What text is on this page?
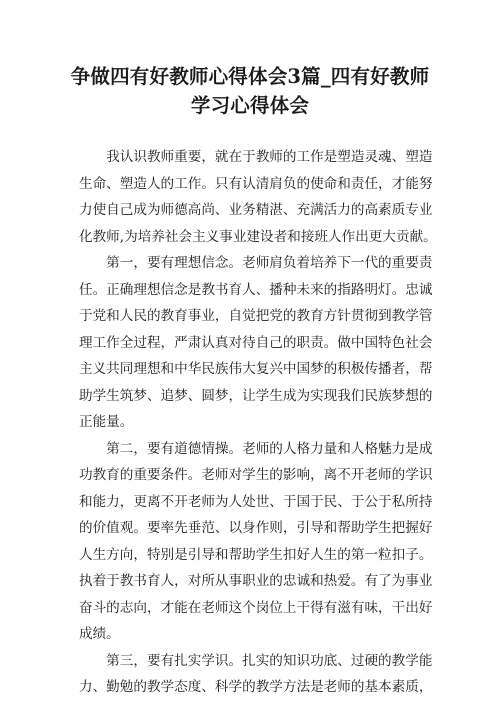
争做四有好教师心得体会3篇_四有好教师
学习心得体会
　　我认识教师重要，就在于教师的工作是塑造灵魂、塑造
生命、塑造人的工作。只有认清肩负的使命和责任，才能努
力使自己成为师德高尚、业务精湛、充满活力的高素质专业
化教师,为培养社会主义事业建设者和接班人作出更大贡献。
　　第一，要有理想信念。老师肩负着培养下一代的重要责
任。正确理想信念是教书育人、播种未来的指路明灯。忠诚
于党和人民的教育事业，自觉把党的教育方针贯彻到教学管
理工作全过程，严肃认真对待自己的职责。做中国特色社会
主义共同理想和中华民族伟大复兴中国梦的积极传播者，帮
助学生筑梦、追梦、圆梦，让学生成为实现我们民族梦想的
正能量。
　　第二，要有道德情操。老师的人格力量和人格魅力是成
功教育的重要条件。老师对学生的影响，离不开老师的学识
和能力，更离不开老师为人处世、于国于民、于公于私所持
的价值观。要率先垂范、以身作则，引导和帮助学生把握好
人生方向，特别是引导和帮助学生扣好人生的第一粒扣子。
执着于教书育人，对所从事职业的忠诚和热爱。有了为事业
奋斗的志向，才能在老师这个岗位上干得有滋有味，干出好
成绩。
　　第三，要有扎实学识。扎实的知识功底、过硬的教学能
力、勤勉的教学态度、科学的教学方法是老师的基本素质，
